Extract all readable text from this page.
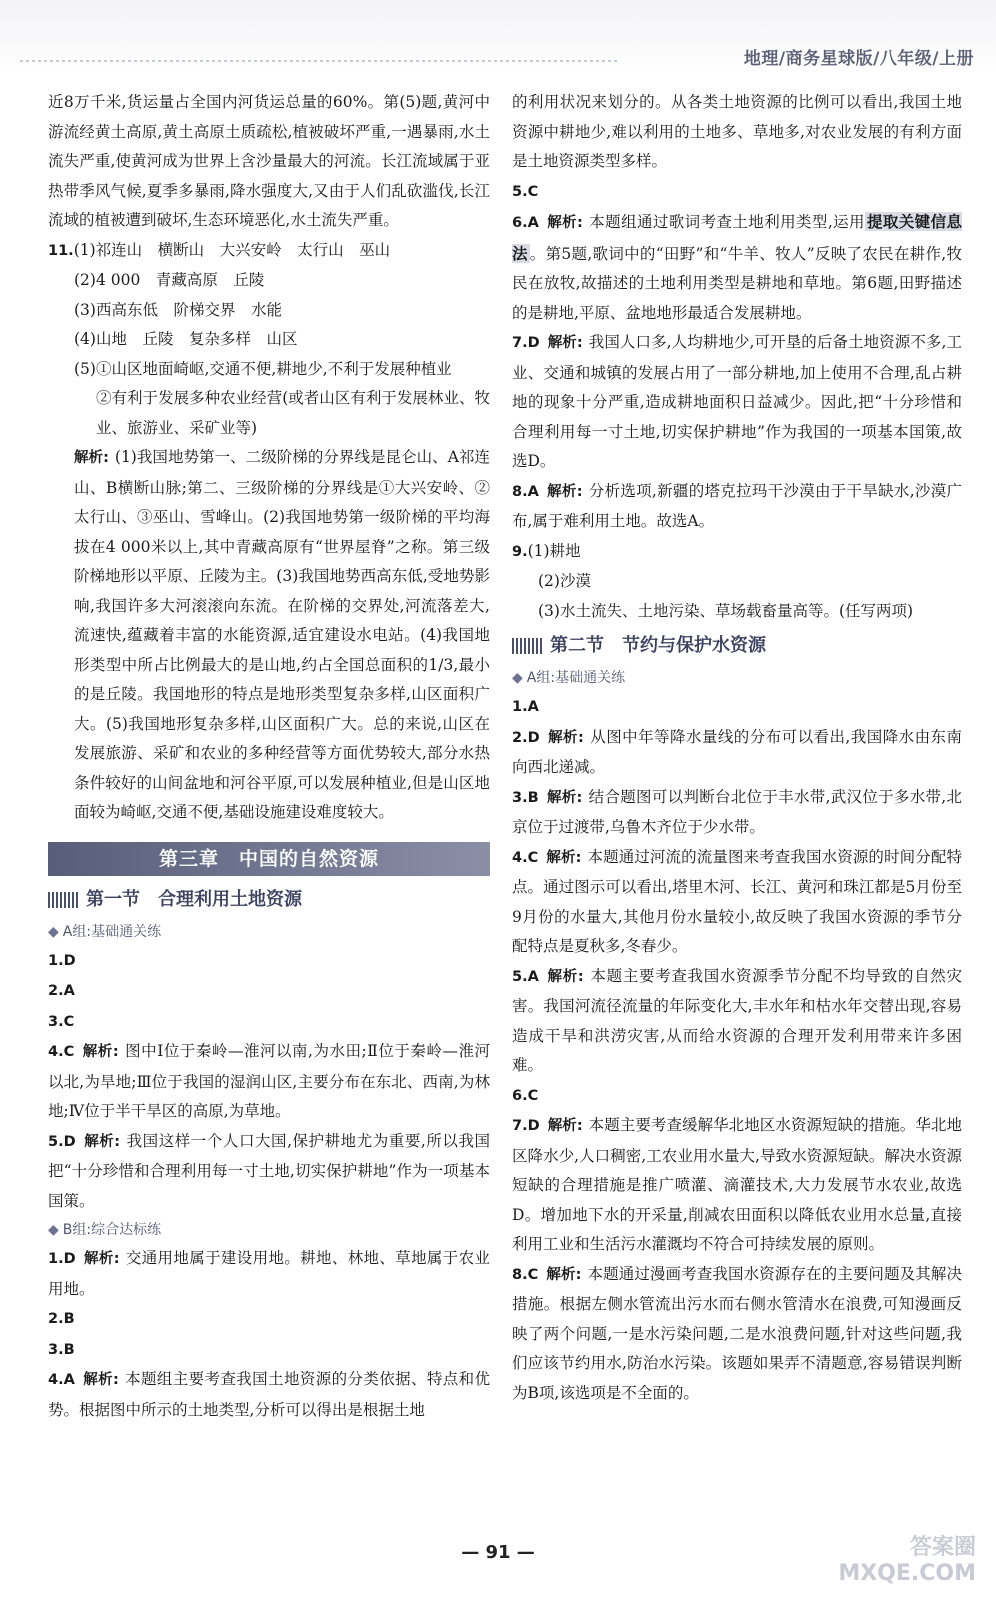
地理/商务星球版/八年级/上册

近8万千米,货运量占全国内河货运总量的60%。第(5)题,黄河中游流经黄土高原,黄土高原土质疏松,植被破坏严重,一遇暴雨,水土流失严重,使黄河成为世界上含沙量最大的河流。长江流域属于亚热带季风气候,夏季多暴雨,降水强度大,又由于人们乱砍滥伐,长江流域的植被遭到破坏,生态环境恶化,水土流失严重。

11.(1)祁连山　横断山　大兴安岭　太行山　巫山

(2)4 000　青藏高原　丘陵

(3)西高东低　阶梯交界　水能

(4)山地　丘陵　复杂多样　山区

(5)①山区地面崎岖,交通不便,耕地少,不利于发展种植业

②有利于发展多种农业经营(或者山区有利于发展林业、牧业、旅游业、采矿业等)

解析: (1)我国地势第一、二级阶梯的分界线是昆仑山、A祁连山、B横断山脉;第二、三级阶梯的分界线是①大兴安岭、②太行山、③巫山、雪峰山。(2)我国地势第一级阶梯的平均海拔在4 000米以上,其中青藏高原有“世界屋脊”之称。第三级阶梯地形以平原、丘陵为主。(3)我国地势西高东低,受地势影响,我国许多大河滚滚向东流。在阶梯的交界处,河流落差大,流速快,蕴藏着丰富的水能资源,适宜建设水电站。(4)我国地形类型中所占比例最大的是山地,约占全国总面积的1/3,最小的是丘陵。我国地形的特点是地形类型复杂多样,山区面积广大。(5)我国地形复杂多样,山区面积广大。总的来说,山区在发展旅游、采矿和农业的多种经营等方面优势较大,部分水热条件较好的山间盆地和河谷平原,可以发展种植业,但是山区地面较为崎岖,交通不便,基础设施建设难度较大。

第三章　中国的自然资源
第一节　合理利用土地资源
◆ A组:基础通关练

1.D

2.A

3.C

4.C 解析: 图中Ⅰ位于秦岭—淮河以南,为水田;Ⅱ位于秦岭—淮河以北,为旱地;Ⅲ位于我国的湿润山区,主要分布在东北、西南,为林地;Ⅳ位于半干旱区的高原,为草地。

5.D 解析: 我国这样一个人口大国,保护耕地尤为重要,所以我国把“十分珍惜和合理利用每一寸土地,切实保护耕地”作为一项基本国策。

◆ B组:综合达标练

1.D 解析: 交通用地属于建设用地。耕地、林地、草地属于农业用地。

2.B

3.B

4.A 解析: 本题组主要考查我国土地资源的分类依据、特点和优势。根据图中所示的土地类型,分析可以得出是根据土地

的利用状况来划分的。从各类土地资源的比例可以看出,我国土地资源中耕地少,难以利用的土地多、草地多,对农业发展的有利方面是土地资源类型多样。

5.C

6.A 解析: 本题组通过歌词考查土地利用类型,运用 提取关键信息法 。第5题,歌词中的“田野”和“牛羊、牧人”反映了农民在耕作,牧民在放牧,故描述的土地利用类型是耕地和草地。第6题,田野描述的是耕地,平原、盆地地形最适合发展耕地。

7.D 解析: 我国人口多,人均耕地少,可开垦的后备土地资源不多,工业、交通和城镇的发展占用了一部分耕地,加上使用不合理,乱占耕地的现象十分严重,造成耕地面积日益减少。因此,把“十分珍惜和合理利用每一寸土地,切实保护耕地”作为我国的一项基本国策,故选D。

8.A 解析: 分析选项,新疆的塔克拉玛干沙漠由于干旱缺水,沙漠广布,属于难利用土地。故选A。

9.(1)耕地

(2)沙漠

(3)水土流失、土地污染、草场载畜量高等。(任写两项)

第二节　节约与保护水资源
◆ A组:基础通关练

1.A

2.D 解析: 从图中年等降水量线的分布可以看出,我国降水由东南向西北递减。

3.B 解析: 结合题图可以判断台北位于丰水带,武汉位于多水带,北京位于过渡带,乌鲁木齐位于少水带。

4.C 解析: 本题通过河流的流量图来考查我国水资源的时间分配特点。通过图示可以看出,塔里木河、长江、黄河和珠江都是5月份至9月份的水量大,其他月份水量较小,故反映了我国水资源的季节分配特点是夏秋多,冬春少。

5.A 解析: 本题主要考查我国水资源季节分配不均导致的自然灾害。我国河流径流量的年际变化大,丰水年和枯水年交替出现,容易造成干旱和洪涝灾害,从而给水资源的合理开发利用带来许多困难。

6.C

7.D 解析: 本题主要考查缓解华北地区水资源短缺的措施。华北地区降水少,人口稠密,工农业用水量大,导致水资源短缺。解决水资源短缺的合理措施是推广喷灌、滴灌技术,大力发展节水农业,故选D。增加地下水的开采量,削减农田面积以降低农业用水总量,直接利用工业和生活污水灌溉均不符合可持续发展的原则。

8.C 解析: 本题通过漫画考查我国水资源存在的主要问题及其解决措施。根据左侧水管流出污水而右侧水管清水在浪费,可知漫画反映了两个问题,一是水污染问题,二是水浪费问题,针对这些问题,我们应该节约用水,防治水污染。该题如果弄不清题意,容易错误判断为B项,该选项是不全面的。

— 91 —	答案圈 MXQE.COM
